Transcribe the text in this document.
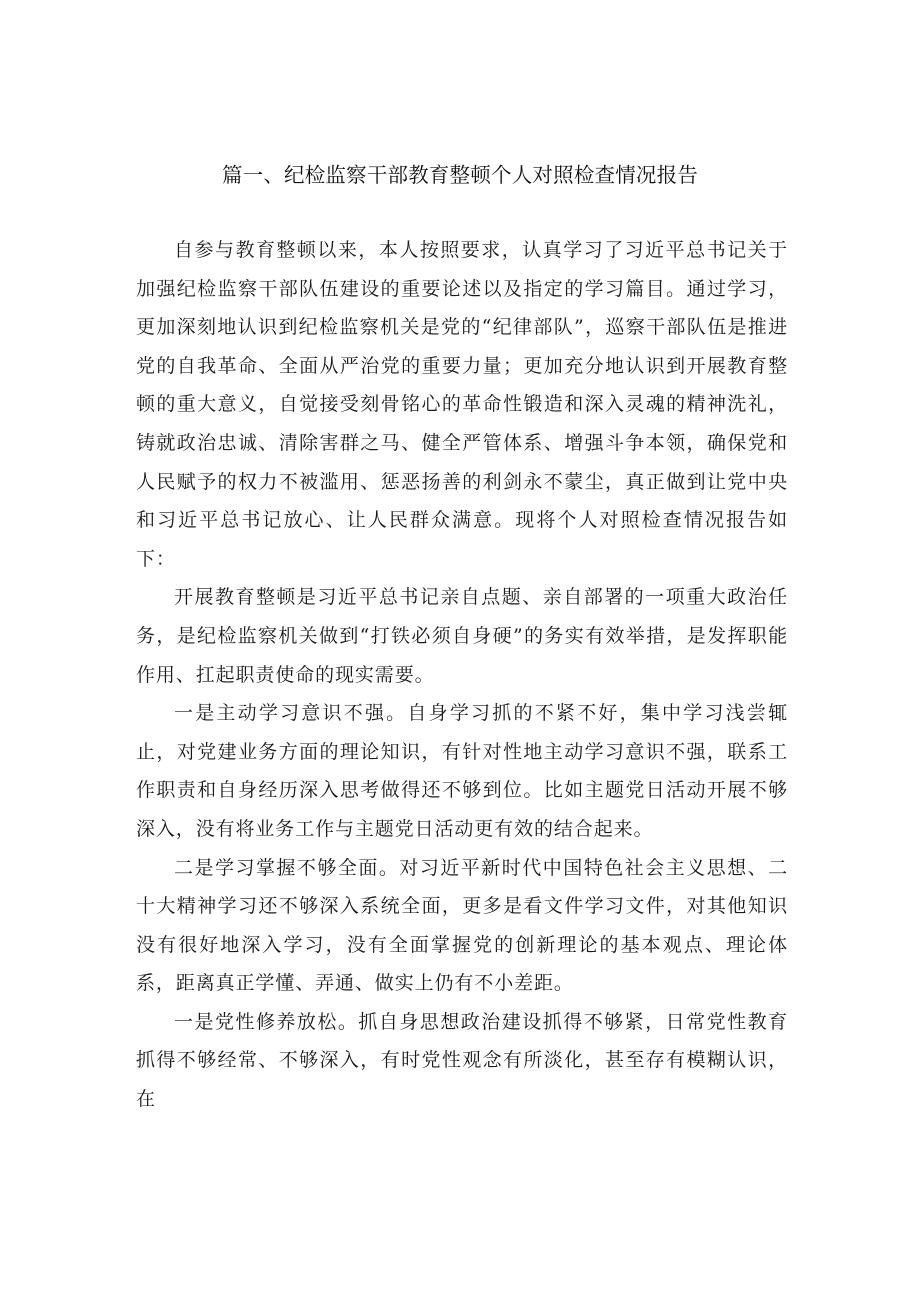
篇一、纪检监察干部教育整顿个人对照检查情况报告

自参与教育整顿以来，本人按照要求，认真学习了习近平总书记关于加强纪检监察干部队伍建设的重要论述以及指定的学习篇目。通过学习，更加深刻地认识到纪检监察机关是党的“纪律部队”，巡察干部队伍是推进党的自我革命、全面从严治党的重要力量；更加充分地认识到开展教育整顿的重大意义，自觉接受刻骨铭心的革命性锻造和深入灵魂的精神洗礼，铸就政治忠诚、清除害群之马、健全严管体系、增强斗争本领，确保党和人民赋予的权力不被滥用、惩恶扬善的利剑永不蒙尘，真正做到让党中央和习近平总书记放心、让人民群众满意。现将个人对照检查情况报告如下：

开展教育整顿是习近平总书记亲自点题、亲自部署的一项重大政治任务，是纪检监察机关做到“打铁必须自身硬”的务实有效举措，是发挥职能作用、扛起职责使命的现实需要。

一是主动学习意识不强。自身学习抓的不紧不好，集中学习浅尝辄止，对党建业务方面的理论知识，有针对性地主动学习意识不强，联系工作职责和自身经历深入思考做得还不够到位。比如主题党日活动开展不够深入，没有将业务工作与主题党日活动更有效的结合起来。

二是学习掌握不够全面。对习近平新时代中国特色社会主义思想、二十大精神学习还不够深入系统全面，更多是看文件学习文件，对其他知识没有很好地深入学习，没有全面掌握党的创新理论的基本观点、理论体系，距离真正学懂、弄通、做实上仍有不小差距。

一是党性修养放松。抓自身思想政治建设抓得不够紧，日常党性教育抓得不够经常、不够深入，有时党性观念有所淡化，甚至存有模糊认识，在
